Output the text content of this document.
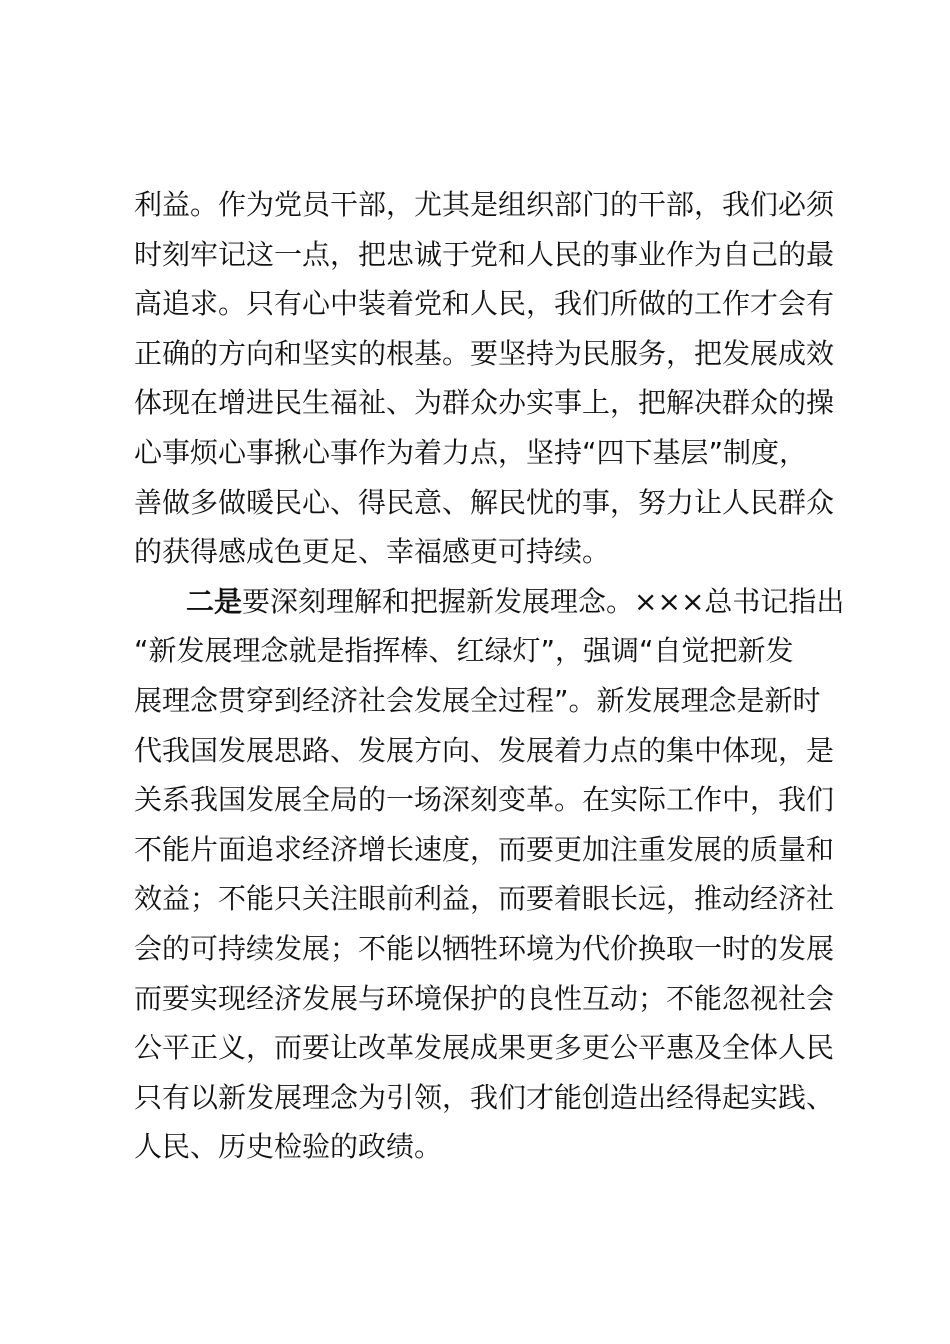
利益。作为党员干部，尤其是组织部门的干部，我们必须
时刻牢记这一点，把忠诚于党和人民的事业作为自己的最
高追求。只有心中装着党和人民，我们所做的工作才会有
正确的方向和坚实的根基。要坚持为民服务，把发展成效
体现在增进民生福祉、为群众办实事上，把解决群众的操
心事烦心事揪心事作为着力点，坚持“四下基层”制度，
善做多做暖民心、得民意、解民忧的事，努力让人民群众
的获得感成色更足、幸福感更可持续。
二是要深刻理解和把握新发展理念。×××总书记指出
“新发展理念就是指挥棒、红绿灯”，强调“自觉把新发
展理念贯穿到经济社会发展全过程”。新发展理念是新时
代我国发展思路、发展方向、发展着力点的集中体现，是
关系我国发展全局的一场深刻变革。在实际工作中，我们
不能片面追求经济增长速度，而要更加注重发展的质量和
效益；不能只关注眼前利益，而要着眼长远，推动经济社
会的可持续发展；不能以牺牲环境为代价换取一时的发展
而要实现经济发展与环境保护的良性互动；不能忽视社会
公平正义，而要让改革发展成果更多更公平惠及全体人民
只有以新发展理念为引领，我们才能创造出经得起实践、
人民、历史检验的政绩。
